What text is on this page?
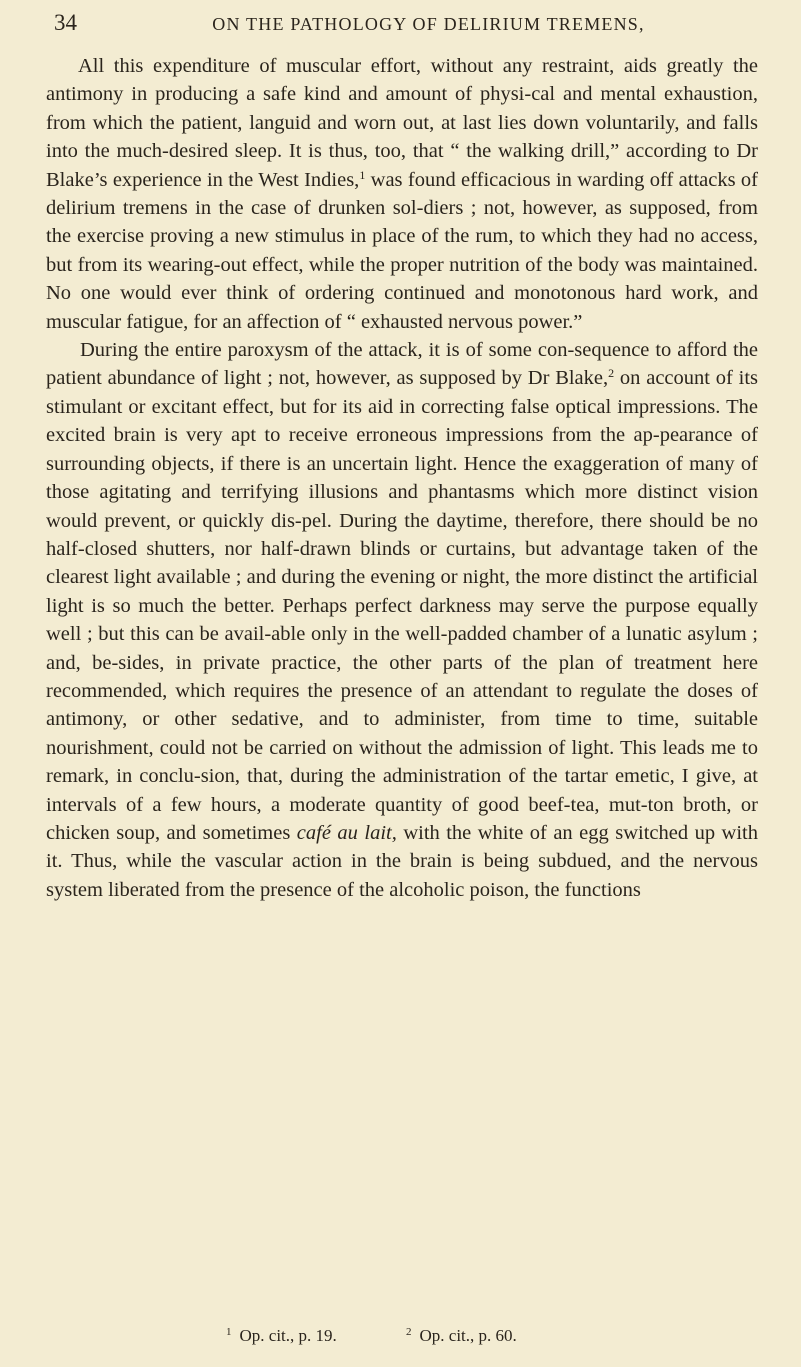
34	ON THE PATHOLOGY OF DELIRIUM TREMENS,

All this expenditure of muscular effort, without any restraint, aids greatly the antimony in producing a safe kind and amount of physi-cal and mental exhaustion, from which the patient, languid and worn out, at last lies down voluntarily, and falls into the much-desired sleep. It is thus, too, that “ the walking drill,” according to Dr Blake’s experience in the West Indies,$^1$ was found efficacious in warding off attacks of delirium tremens in the case of drunken sol-diers ; not, however, as supposed, from the exercise proving a new stimulus in place of the rum, to which they had no access, but from its wearing-out effect, while the proper nutrition of the body was maintained. No one would ever think of ordering continued and monotonous hard work, and muscular fatigue, for an affection of “ exhausted nervous power.”

During the entire paroxysm of the attack, it is of some con-sequence to afford the patient abundance of light ; not, however, as supposed by Dr Blake,$^2$ on account of its stimulant or excitant effect, but for its aid in correcting false optical impressions. The excited brain is very apt to receive erroneous impressions from the ap-pearance of surrounding objects, if there is an uncertain light. Hence the exaggeration of many of those agitating and terrifying illusions and phantasms which more distinct vision would prevent, or quickly dis-pel. During the daytime, therefore, there should be no half-closed shutters, nor half-drawn blinds or curtains, but advantage taken of the clearest light available ; and during the evening or night, the more distinct the artificial light is so much the better. Perhaps perfect darkness may serve the purpose equally well ; but this can be avail-able only in the well-padded chamber of a lunatic asylum ; and, be-sides, in private practice, the other parts of the plan of treatment here recommended, which requires the presence of an attendant to regulate the doses of antimony, or other sedative, and to administer, from time to time, suitable nourishment, could not be carried on without the admission of light. This leads me to remark, in conclu-sion, that, during the administration of the tartar emetic, I give, at intervals of a few hours, a moderate quantity of good beef-tea, mut-ton broth, or chicken soup, and sometimes café au lait, with the white of an egg switched up with it. Thus, while the vascular action in the brain is being subdued, and the nervous system liberated from the presence of the alcoholic poison, the functions

$^1$ Op. cit., p. 19.	$^2$ Op. cit., p. 60.
